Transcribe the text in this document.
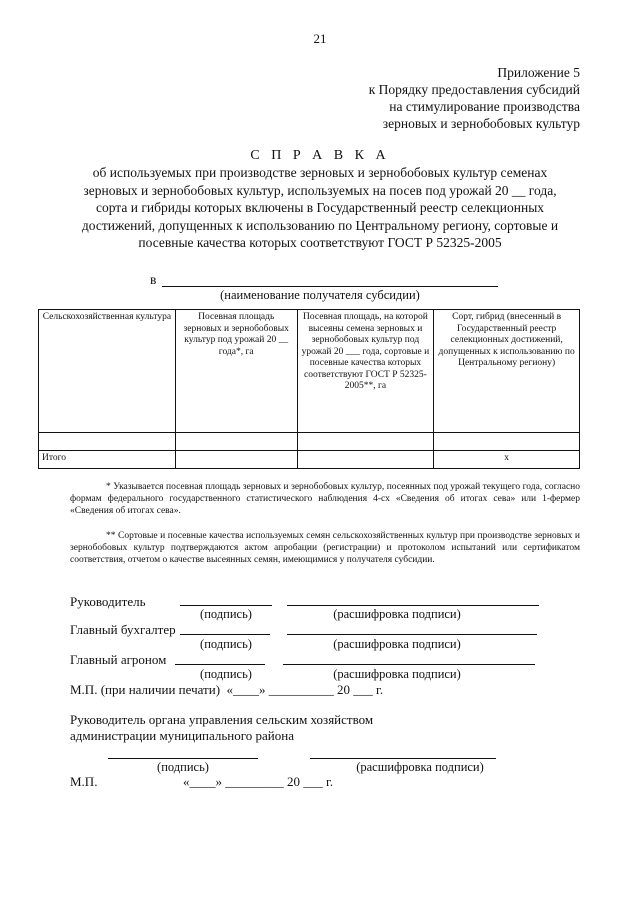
21
Приложение 5
к Порядку предоставления субсидий
на стимулирование производства
зерновых и зернобобовых культур
С П Р А В К А
об используемых при производстве зерновых и зернобобовых культур семенах зерновых и зернобобовых культур, используемых на посев под урожай 20 __ года, сорта и гибриды которых включены в Государственный реестр селекционных достижений, допущенных к использованию по Центральному региону, сортовые и посевные качества которых соответствуют ГОСТ Р 52325-2005
в
(наименование получателя субсидии)
Сельскохозяйственная культура	Посевная площадь зерновых и зернобобовых культур под урожай 20 __ года*, га	Посевная площадь, на которой высеяны семена зерновых и зернобобовых культур под урожай 20 ___ года, сортовые и посевные качества которых соответствуют ГОСТ Р 52325-2005**, га	Сорт, гибрид (внесенный в Государственный реестр селекционных достижений, допущенных к использованию по Центральному региону)

Итого			х
* Указывается посевная площадь зерновых и зернобобовых культур, посеянных под урожай текущего года, согласно формам федерального государственного статистического наблюдения 4-сх «Сведения об итогах сева» или 1-фермер «Сведения об итогах сева».
** Сортовые и посевные качества используемых семян сельскохозяйственных культур при производстве зерновых и зернобобовых культур подтверждаются актом апробации (регистрации) и протоколом испытаний или сертификатом соответствия, отчетом о качестве высеянных семян, имеющимися у получателя субсидии.
Руководитель
(подпись)	(расшифровка подписи)
Главный бухгалтер
(подпись)	(расшифровка подписи)
Главный агроном
(подпись)	(расшифровка подписи)
М.П. (при наличии печати)  «____» __________ 20 ___ г.
Руководитель органа управления сельским хозяйством
администрации муниципального района
(подпись)	(расшифровка подписи)
М.П.	«____» _________ 20 ___ г.
